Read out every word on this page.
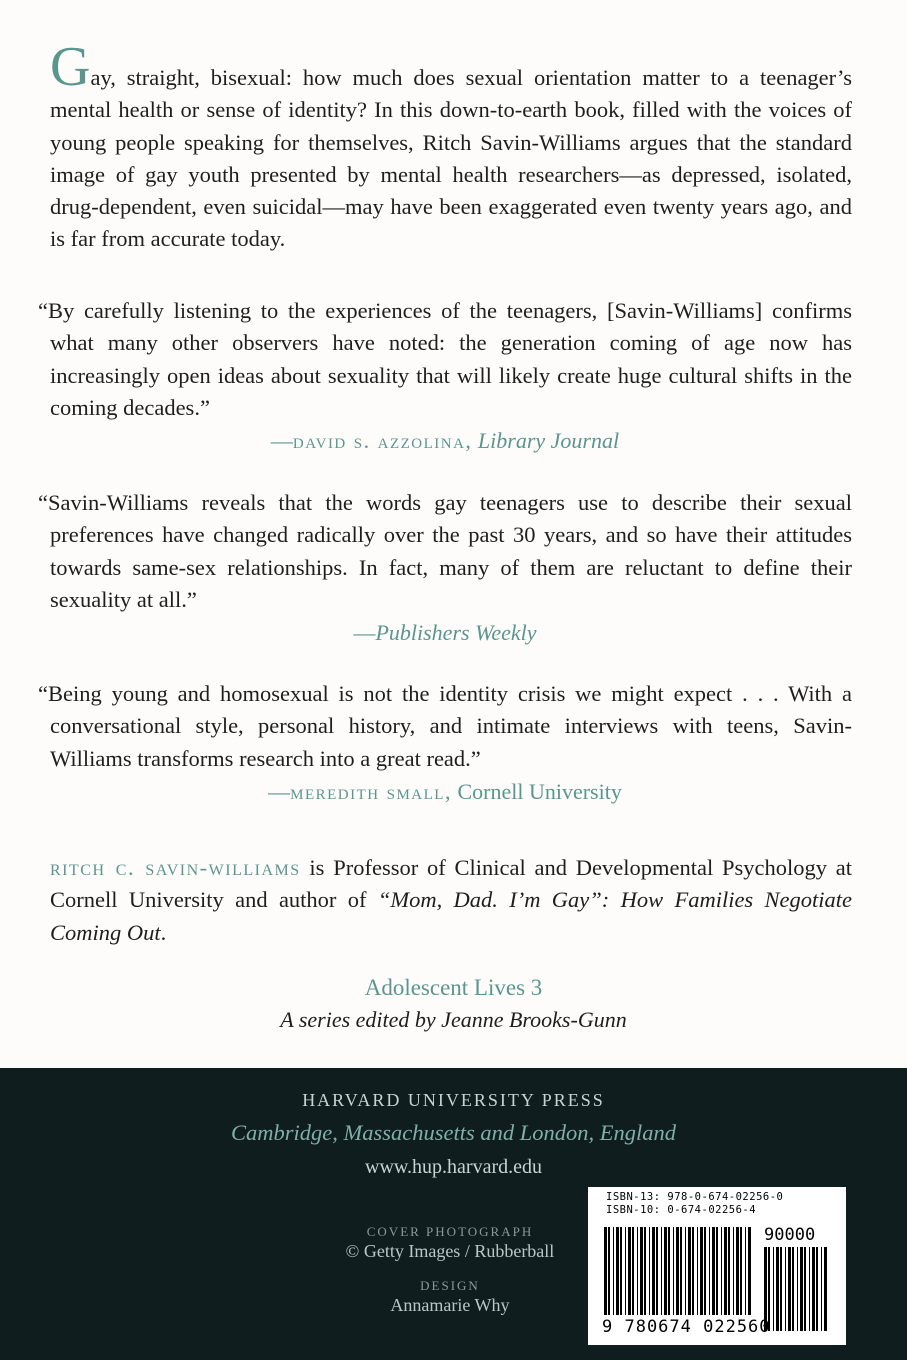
Gay, straight, bisexual: how much does sexual orientation matter to a teenager’s mental health or sense of identity? In this down-to-earth book, filled with the voices of young people speaking for themselves, Ritch Savin-Williams argues that the standard image of gay youth presented by mental health researchers—as depressed, isolated, drug-dependent, even suicidal—may have been exaggerated even twenty years ago, and is far from accurate today.
“By carefully listening to the experiences of the teenagers, [Savin-Williams] confirms what many other observers have noted: the generation coming of age now has increasingly open ideas about sexuality that will likely create huge cultural shifts in the coming decades.”
—david s. azzolina, Library Journal
“Savin-Williams reveals that the words gay teenagers use to describe their sexual preferences have changed radically over the past 30 years, and so have their attitudes towards same-sex relationships. In fact, many of them are reluctant to define their sexuality at all.”
—Publishers Weekly
“Being young and homosexual is not the identity crisis we might expect . . . With a conversational style, personal history, and intimate interviews with teens, Savin-Williams transforms research into a great read.”
—meredith small, Cornell University
ritch c. savin-williams is Professor of Clinical and Developmental Psychology at Cornell University and author of “Mom, Dad. I’m Gay”: How Families Negotiate Coming Out.
Adolescent Lives 3
A series edited by Jeanne Brooks-Gunn
HARVARD UNIVERSITY PRESS
Cambridge, Massachusetts and London, England
www.hup.harvard.edu
COVER PHOTOGRAPH
© Getty Images / Rubberball
DESIGN
Annamarie Why
ISBN-13: 978-0-674-02256-0
ISBN-10: 0-674-02256-4
90000
9 780674 022560
